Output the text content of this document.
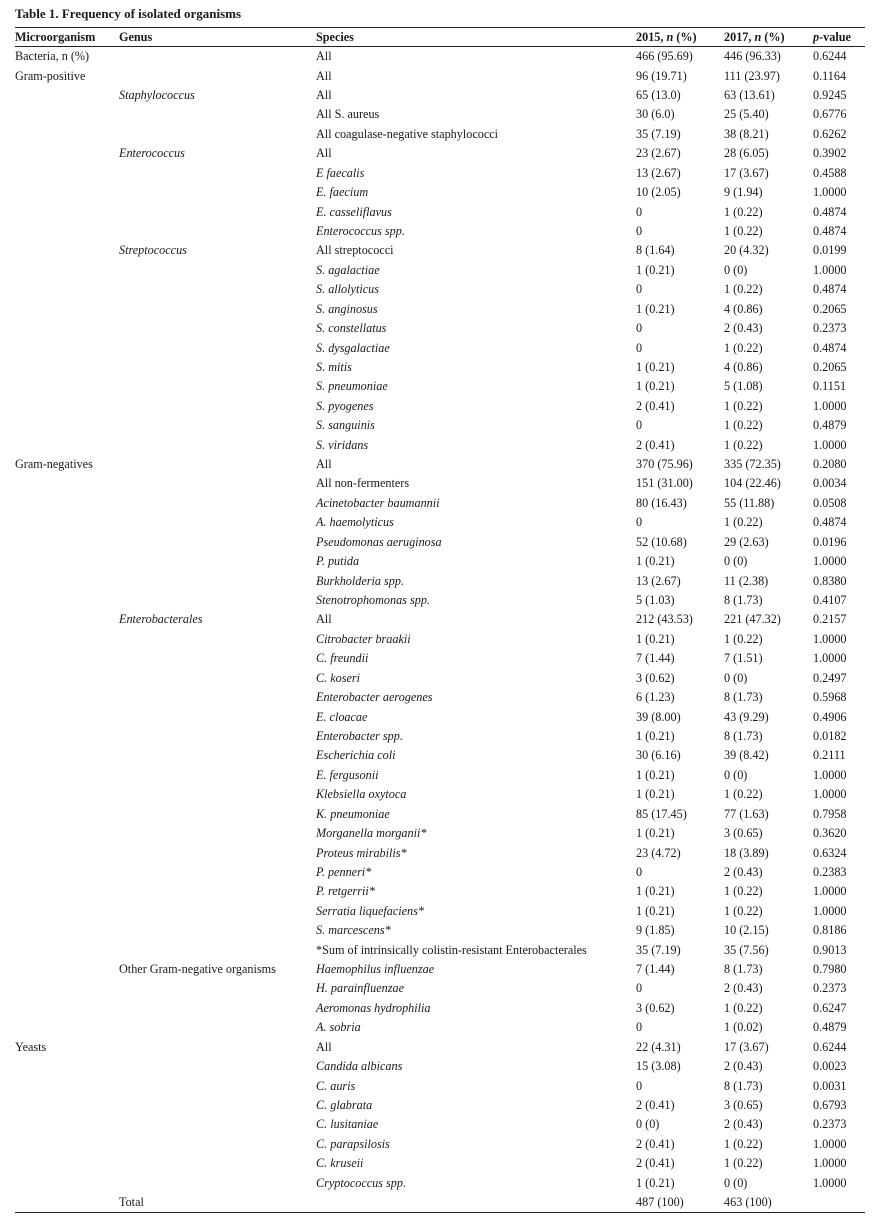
Table 1. Frequency of isolated organisms
Microorganism	Genus	Species	2015, n (%)	2017, n (%)	p-value
Bacteria, n (%)		All	466 (95.69)	446 (96.33)	0.6244
Gram-positive		All	96 (19.71)	111 (23.97)	0.1164
	Staphylococcus	All	65 (13.0)	63 (13.61)	0.9245
		All S. aureus	30 (6.0)	25 (5.40)	0.6776
		All coagulase-negative staphylococci	35 (7.19)	38 (8.21)	0.6262
	Enterococcus	All	23 (2.67)	28 (6.05)	0.3902
		E faecalis	13 (2.67)	17 (3.67)	0.4588
		E. faecium	10 (2.05)	9 (1.94)	1.0000
		E. casseliflavus	0	1 (0.22)	0.4874
		Enterococcus spp.	0	1 (0.22)	0.4874
	Streptococcus	All streptococci	8 (1.64)	20 (4.32)	0.0199
		S. agalactiae	1 (0.21)	0 (0)	1.0000
		S. allolyticus	0	1 (0.22)	0.4874
		S. anginosus	1 (0.21)	4 (0.86)	0.2065
		S. constellatus	0	2 (0.43)	0.2373
		S. dysgalactiae	0	1 (0.22)	0.4874
		S. mitis	1 (0.21)	4 (0.86)	0.2065
		S. pneumoniae	1 (0.21)	5 (1.08)	0.1151
		S. pyogenes	2 (0.41)	1 (0.22)	1.0000
		S. sanguinis	0	1 (0.22)	0.4879
		S. viridans	2 (0.41)	1 (0.22)	1.0000
Gram-negatives		All	370 (75.96)	335 (72.35)	0.2080
		All non-fermenters	151 (31.00)	104 (22.46)	0.0034
		Acinetobacter baumannii	80 (16.43)	55 (11.88)	0.0508
		A. haemolyticus	0	1 (0.22)	0.4874
		Pseudomonas aeruginosa	52 (10.68)	29 (2.63)	0.0196
		P. putida	1 (0.21)	0 (0)	1.0000
		Burkholderia spp.	13 (2.67)	11 (2.38)	0.8380
		Stenotrophomonas spp.	5 (1.03)	8 (1.73)	0.4107
	Enterobacterales	All	212 (43.53)	221 (47.32)	0.2157
		Citrobacter braakii	1 (0.21)	1 (0.22)	1.0000
		C. freundii	7 (1.44)	7 (1.51)	1.0000
		C. koseri	3 (0.62)	0 (0)	0.2497
		Enterobacter aerogenes	6 (1.23)	8 (1.73)	0.5968
		E. cloacae	39 (8.00)	43 (9.29)	0.4906
		Enterobacter spp.	1 (0.21)	8 (1.73)	0.0182
		Escherichia coli	30 (6.16)	39 (8.42)	0.2111
		E. fergusonii	1 (0.21)	0 (0)	1.0000
		Klebsiella oxytoca	1 (0.21)	1 (0.22)	1.0000
		K. pneumoniae	85 (17.45)	77 (1.63)	0.7958
		Morganella morganii*	1 (0.21)	3 (0.65)	0.3620
		Proteus mirabilis*	23 (4.72)	18 (3.89)	0.6324
		P. penneri*	0	2 (0.43)	0.2383
		P. retgerrii*	1 (0.21)	1 (0.22)	1.0000
		Serratia liquefaciens*	1 (0.21)	1 (0.22)	1.0000
		S. marcescens*	9 (1.85)	10 (2.15)	0.8186
		*Sum of intrinsically colistin-resistant Enterobacterales	35 (7.19)	35 (7.56)	0.9013
	Other Gram-negative organisms	Haemophilus influenzae	7 (1.44)	8 (1.73)	0.7980
		H. parainfluenzae	0	2 (0.43)	0.2373
		Aeromonas hydrophilia	3 (0.62)	1 (0.22)	0.6247
		A. sobria	0	1 (0.02)	0.4879
Yeasts		All	22 (4.31)	17 (3.67)	0.6244
		Candida albicans	15 (3.08)	2 (0.43)	0.0023
		C. auris	0	8 (1.73)	0.0031
		C. glabrata	2 (0.41)	3 (0.65)	0.6793
		C. lusitaniae	0 (0)	2 (0.43)	0.2373
		C. parapsilosis	2 (0.41)	1 (0.22)	1.0000
		C. kruseii	2 (0.41)	1 (0.22)	1.0000
		Cryptococcus spp.	1 (0.21)	0 (0)	1.0000
	Total		487 (100)	463 (100)	
